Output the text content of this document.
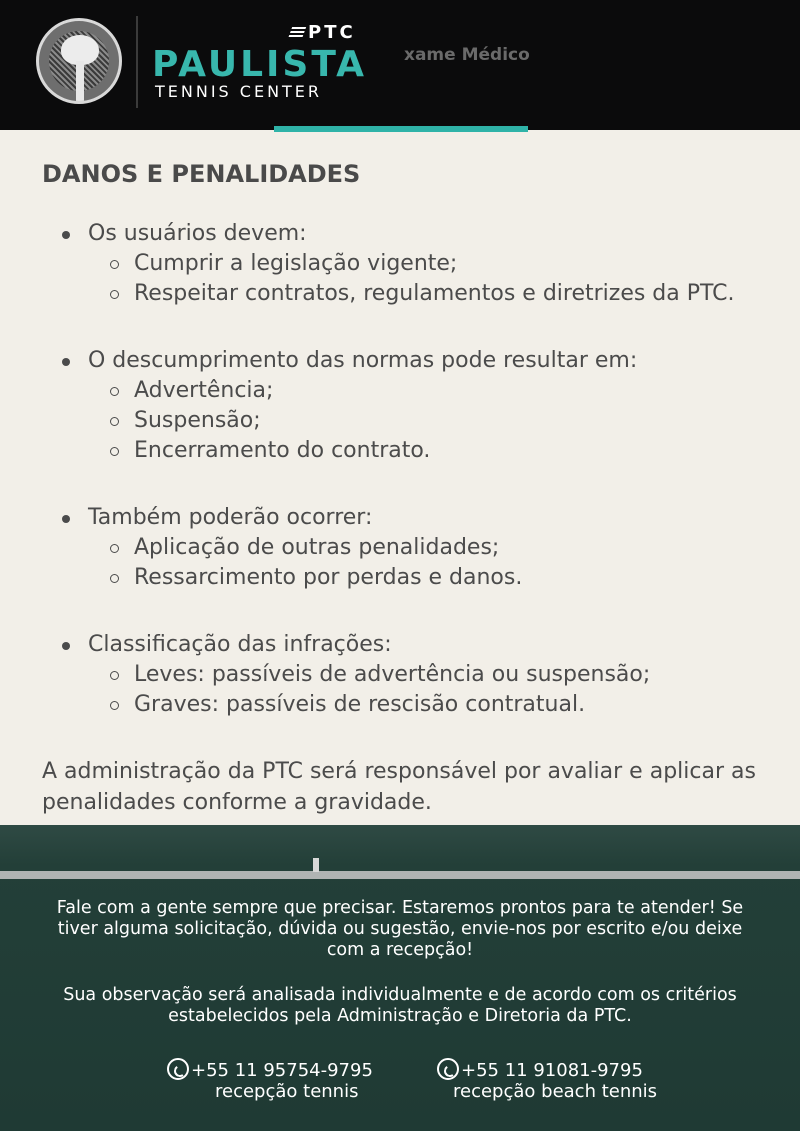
PTC
PAULISTA
TENNIS CENTER
xame Médico
DANOS E PENALIDADES
Os usuários devem:
Cumprir a legislação vigente;
Respeitar contratos, regulamentos e diretrizes da PTC.
O descumprimento das normas pode resultar em:
Advertência;
Suspensão;
Encerramento do contrato.
Também poderão ocorrer:
Aplicação de outras penalidades;
Ressarcimento por perdas e danos.
Classificação das infrações:
Leves: passíveis de advertência ou suspensão;
Graves: passíveis de rescisão contratual.
A administração da PTC será responsável por avaliar e aplicar as penalidades conforme a gravidade.
Fale com a gente sempre que precisar. Estaremos prontos para te atender! Se tiver alguma solicitação, dúvida ou sugestão, envie-nos por escrito e/ou deixe com a recepção!
Sua observação será analisada individualmente e de acordo com os critérios estabelecidos pela Administração e Diretoria da PTC.
+55 11 95754-9795
recepção tennis
+55 11 91081-9795
recepção beach tennis
